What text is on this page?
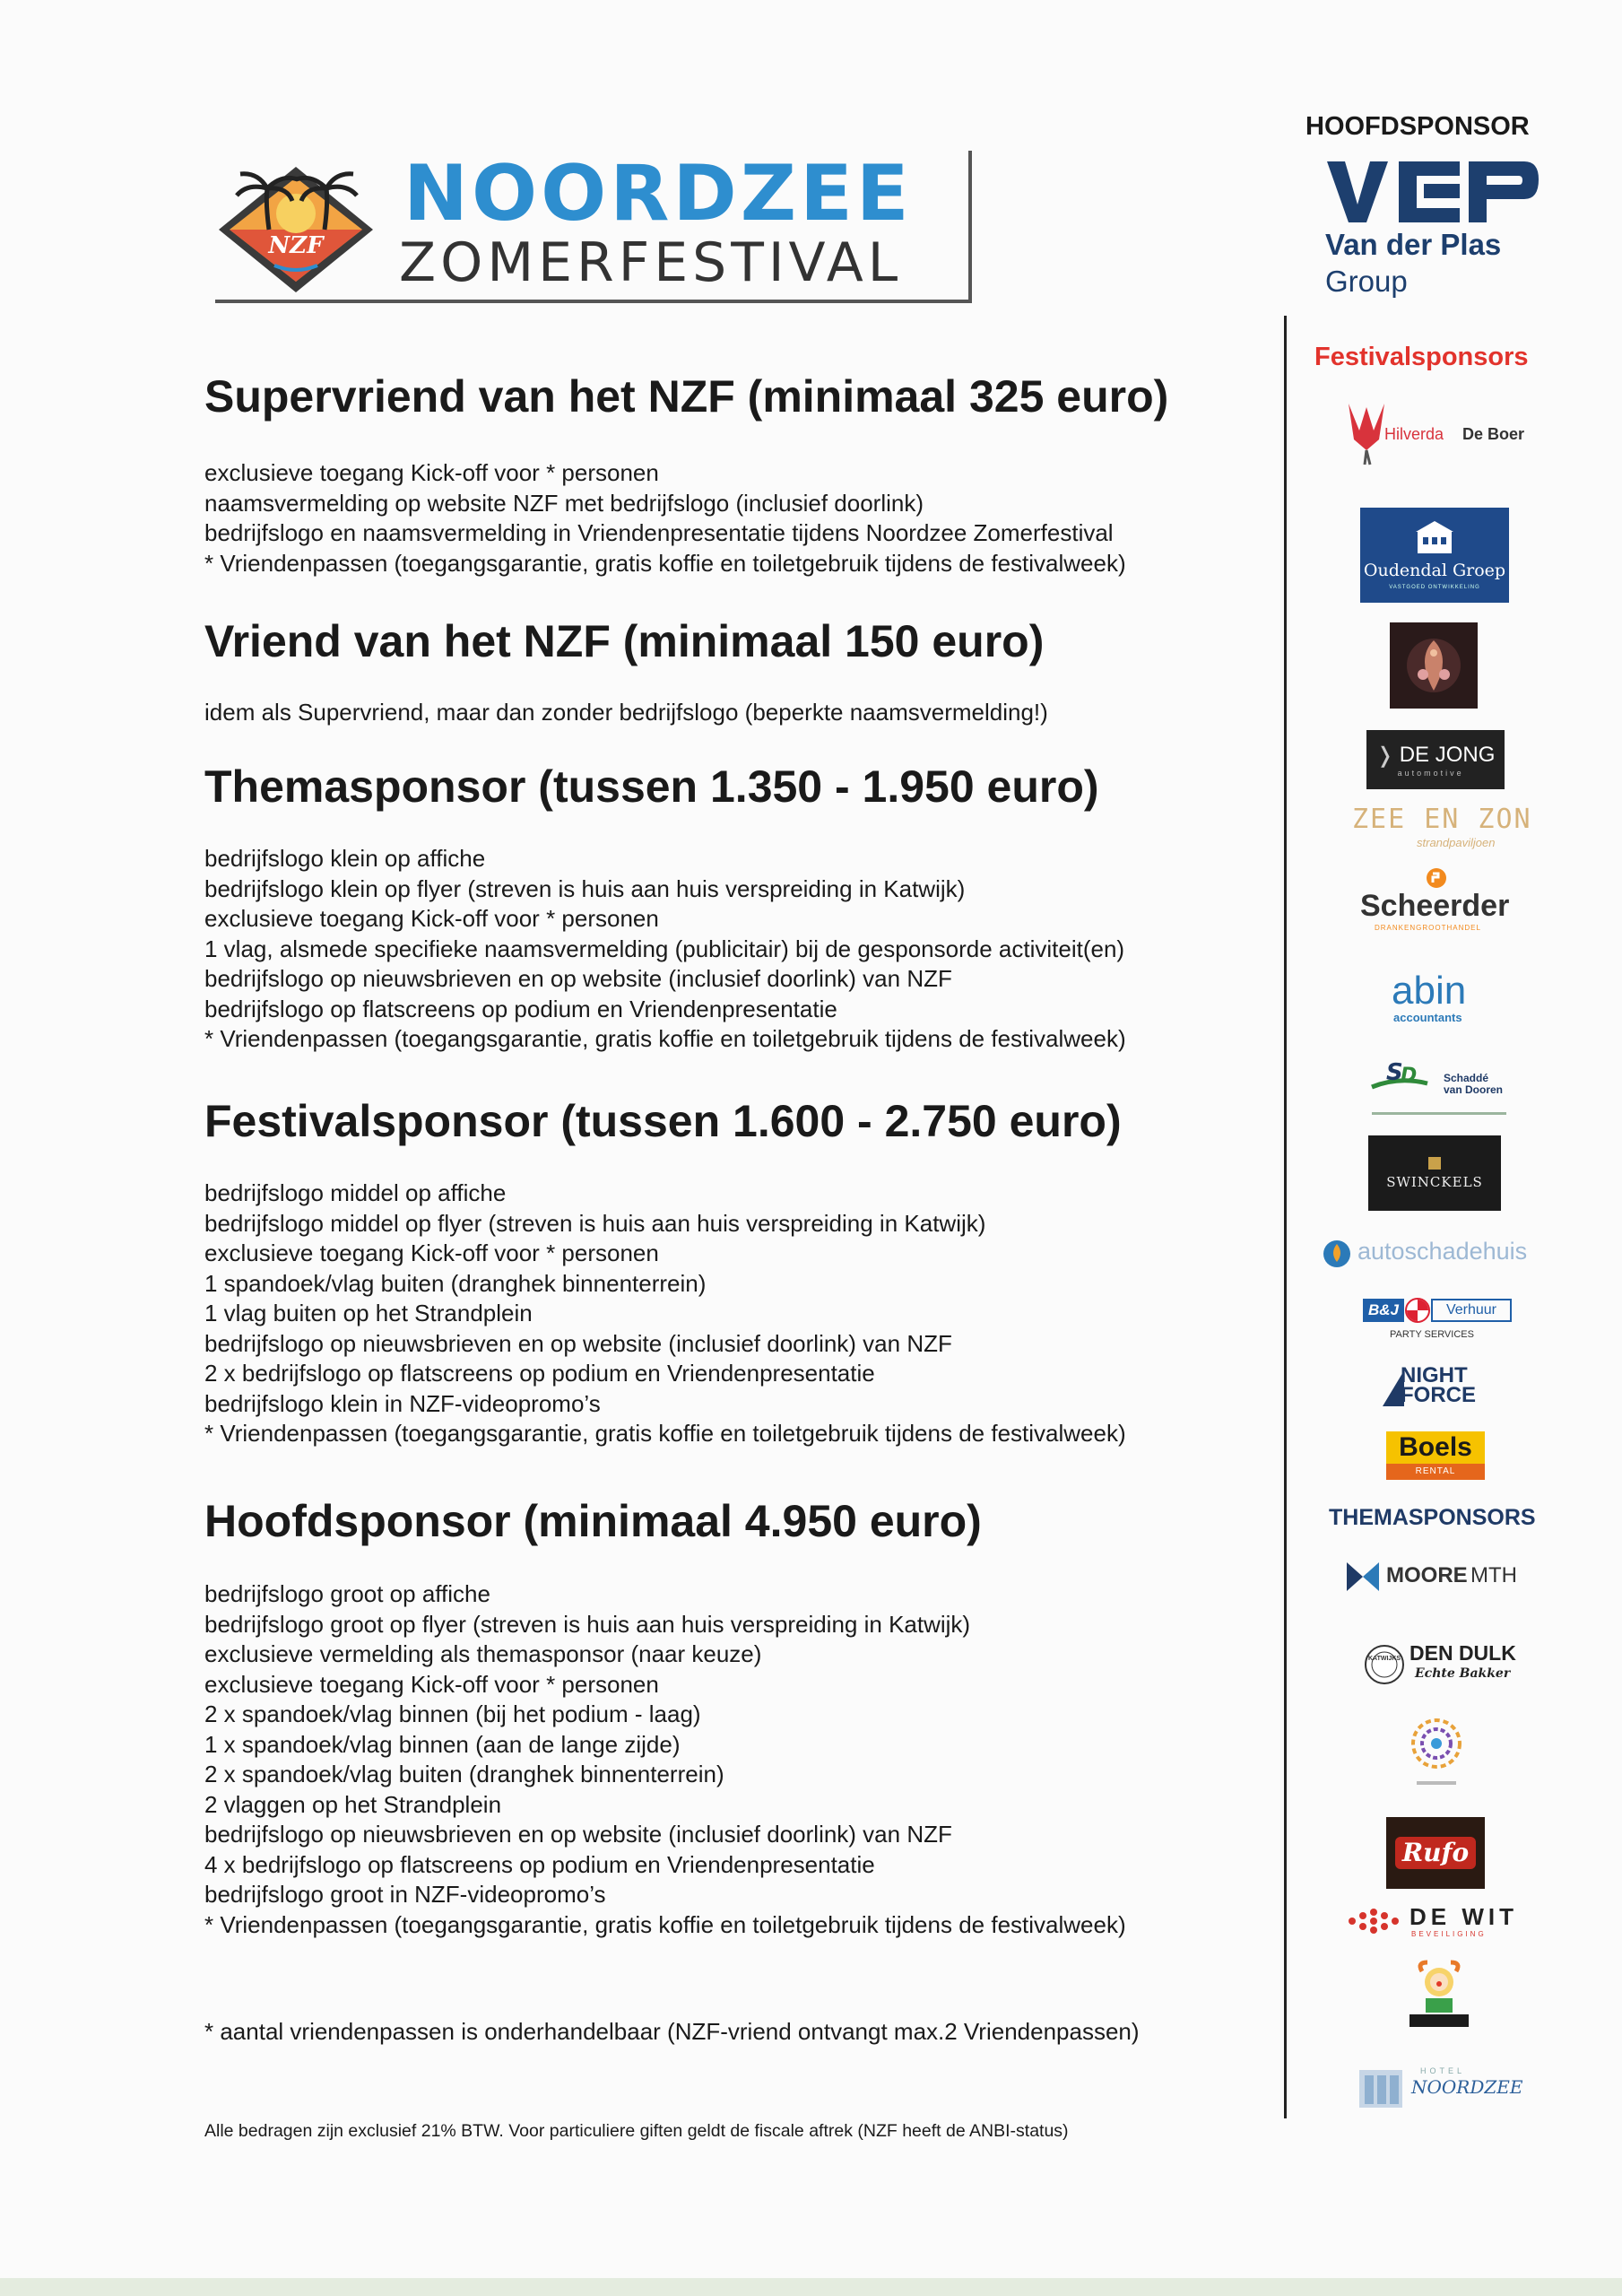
NZF
NOORDZEE
ZOMERFESTIVAL
Supervriend van het NZF (minimaal 325 euro)
exclusieve toegang Kick-off voor * personen
naamsvermelding op website NZF met bedrijfslogo (inclusief doorlink)
bedrijfslogo en naamsvermelding in Vriendenpresentatie tijdens Noordzee Zomerfestival
* Vriendenpassen (toegangsgarantie, gratis koffie en toiletgebruik tijdens de festivalweek)
Vriend van het NZF (minimaal 150 euro)
idem als Supervriend, maar dan zonder bedrijfslogo (beperkte naamsvermelding!)
Themasponsor (tussen 1.350 - 1.950 euro)
bedrijfslogo klein op affiche
bedrijfslogo klein op flyer (streven is huis aan huis verspreiding in Katwijk)
exclusieve toegang Kick-off voor * personen
1 vlag, alsmede specifieke naamsvermelding (publicitair) bij de gesponsorde activiteit(en)
bedrijfslogo op nieuwsbrieven en op website (inclusief doorlink) van NZF
bedrijfslogo op flatscreens op podium en Vriendenpresentatie
* Vriendenpassen (toegangsgarantie, gratis koffie en toiletgebruik tijdens de festivalweek)
Festivalsponsor (tussen 1.600 - 2.750 euro)
bedrijfslogo middel op affiche
bedrijfslogo middel op flyer (streven is huis aan huis verspreiding in Katwijk)
exclusieve toegang Kick-off voor * personen
1 spandoek/vlag buiten (dranghek binnenterrein)
1 vlag buiten op het Strandplein
bedrijfslogo op nieuwsbrieven en op website (inclusief doorlink) van NZF
2 x bedrijfslogo op flatscreens op podium en Vriendenpresentatie
bedrijfslogo klein in NZF-videopromo’s
* Vriendenpassen (toegangsgarantie, gratis koffie en toiletgebruik tijdens de festivalweek)
Hoofdsponsor (minimaal 4.950 euro)
bedrijfslogo groot op affiche
bedrijfslogo groot op flyer (streven is huis aan huis verspreiding in Katwijk)
exclusieve vermelding als themasponsor (naar keuze)
exclusieve toegang Kick-off voor * personen
2 x spandoek/vlag binnen (bij het podium - laag)
1 x spandoek/vlag binnen (aan de lange zijde)
2 x spandoek/vlag buiten (dranghek binnenterrein)
2 vlaggen op het Strandplein
bedrijfslogo op nieuwsbrieven en op website (inclusief doorlink) van NZF
4 x bedrijfslogo op flatscreens op podium en Vriendenpresentatie
bedrijfslogo groot in NZF-videopromo’s
* Vriendenpassen (toegangsgarantie, gratis koffie en toiletgebruik tijdens de festivalweek)
* aantal vriendenpassen is onderhandelbaar (NZF-vriend ontvangt max.2 Vriendenpassen)
Alle bedragen zijn exclusief 21% BTW. Voor particuliere giften geldt de fiscale aftrek (NZF heeft de ANBI-status)
HOOFDSPONSOR
Van der Plas
Group
Festivalsponsors
Hilverda De Boer
Oudendal Groep
VASTGOED ONTWIKKELING
❭ DE JONG
automotive
ZEE EN ZON
strandpaviljoen
Scheerder
DRANKENGROOTHANDEL
abin
accountants
S
D Schaddé
van Dooren
SWINCKELS
autoschadehuis
B&J	Verhuur
PARTY SERVICES
NIGHT
FORCE
Boels
RENTAL
THEMASPONSORS
MOORE MTH
KATWIJKS DEN DULK
Echte Bakker
Rufo
DE WIT
BEVEILIGING
HOTEL
NOORDZEE
